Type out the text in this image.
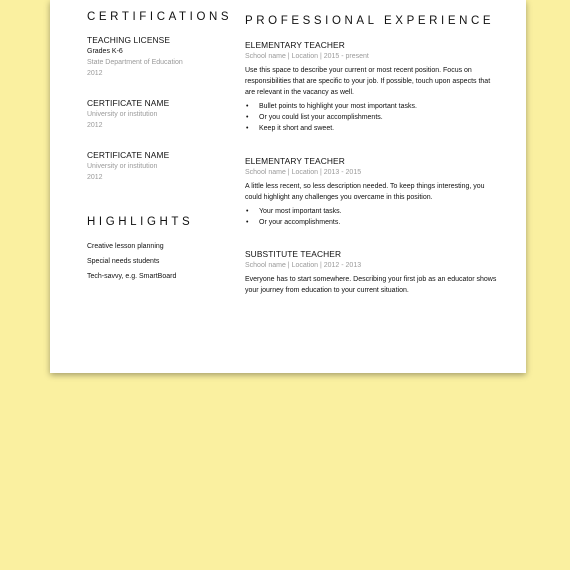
CERTIFICATIONS
TEACHING LICENSE
Grades K-6
State Department of Education
2012
CERTIFICATE NAME
University or institution
2012
CERTIFICATE NAME
University or institution
2012
HIGHLIGHTS
Creative lesson planning
Special needs students
Tech-savvy, e.g. SmartBoard
PROFESSIONAL EXPERIENCE
ELEMENTARY TEACHER
School name | Location | 2015 - present
Use this space to describe your current or most recent position. Focus on responsibilities that are specific to your job. If possible, touch upon aspects that are relevant in the vacancy as well.
• Bullet points to highlight your most important tasks.
• Or you could list your accomplishments.
• Keep it short and sweet.
ELEMENTARY TEACHER
School name | Location | 2013 - 2015
A little less recent, so less description needed. To keep things interesting, you could highlight any challenges you overcame in this position.
• Your most important tasks.
• Or your accomplishments.
SUBSTITUTE TEACHER
School name | Location | 2012 - 2013
Everyone has to start somewhere. Describing your first job as an educator shows your journey from education to your current situation.
